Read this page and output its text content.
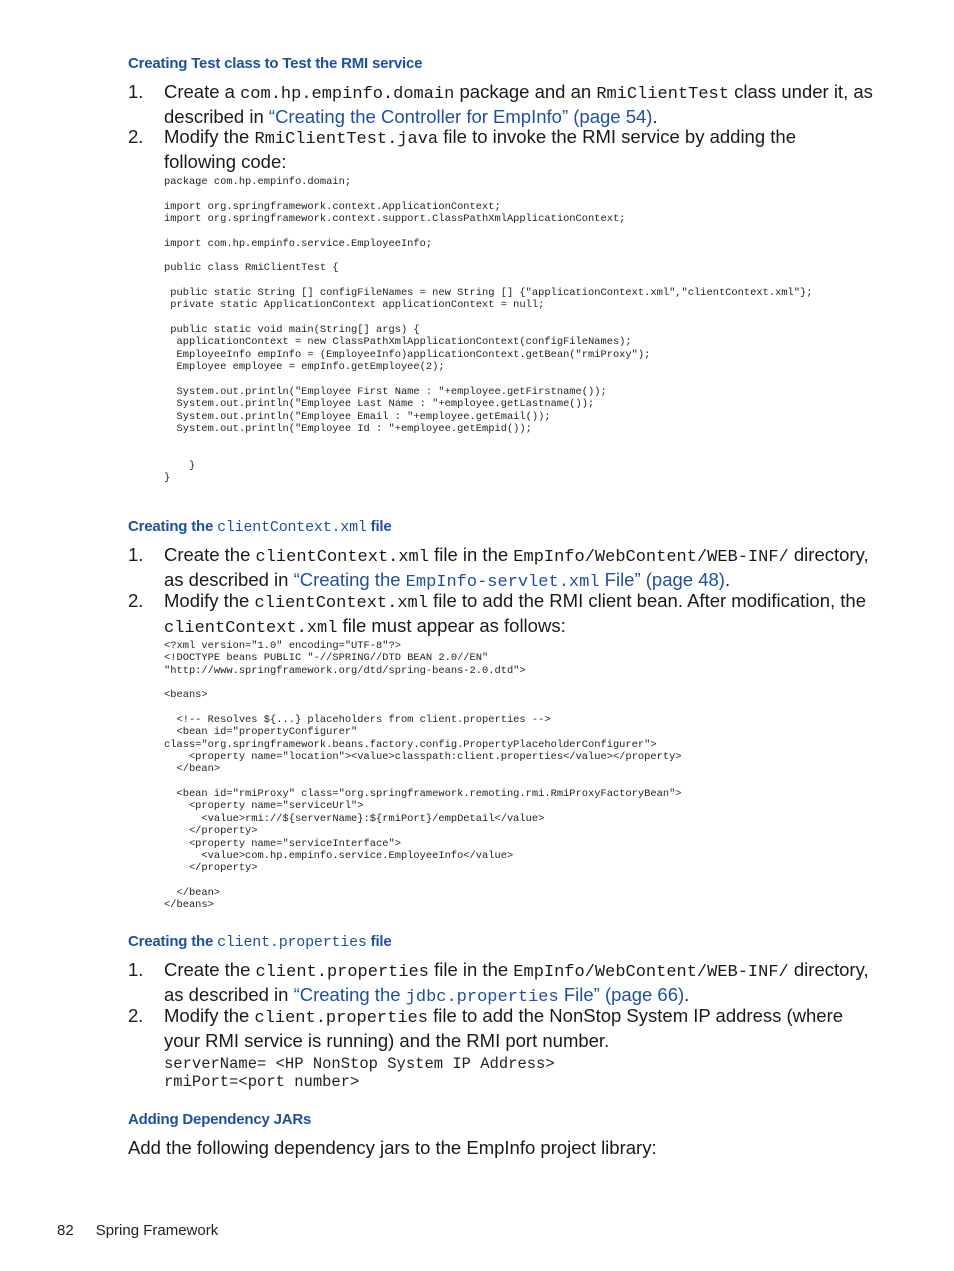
Creating Test class to Test the RMI service
1.	Create a com.hp.empinfo.domain package and an RmiClientTest class under it, as described in “Creating the Controller for EmpInfo” (page 54).
2.	Modify the RmiClientTest.java file to invoke the RMI service by adding the following code:
package com.hp.empinfo.domain;

import org.springframework.context.ApplicationContext;
import org.springframework.context.support.ClassPathXmlApplicationContext;

import com.hp.empinfo.service.EmployeeInfo;

public class RmiClientTest {

public static String [] configFileNames = new String [] {"applicationContext.xml","clientContext.xml"};
private static ApplicationContext applicationContext = null;

public static void main(String[] args) {
applicationContext = new ClassPathXmlApplicationContext(configFileNames);
EmployeeInfo empInfo = (EmployeeInfo)applicationContext.getBean("rmiProxy");
Employee employee = empInfo.getEmployee(2);

System.out.println("Employee First Name : "+employee.getFirstname());
System.out.println("Employee Last Name : "+employee.getLastname());
System.out.println("Employee Email : "+employee.getEmail());
System.out.println("Employee Id : "+employee.getEmpid());

}
}
Creating the clientContext.xml file
1.	Create the clientContext.xml file in the EmpInfo/WebContent/WEB-INF/ directory, as described in “Creating the EmpInfo-servlet.xml File” (page 48).
2.	Modify the clientContext.xml file to add the RMI client bean. After modification, the clientContext.xml file must appear as follows:
<?xml version="1.0" encoding="UTF-8"?>
<!DOCTYPE beans PUBLIC "-//SPRING//DTD BEAN 2.0//EN"
"http://www.springframework.org/dtd/spring-beans-2.0.dtd">

<beans>

<!-- Resolves ${...} placeholders from client.properties -->
<bean id="propertyConfigurer"
class="org.springframework.beans.factory.config.PropertyPlaceholderConfigurer">
<property name="location"><value>classpath:client.properties</value></property>
</bean>

<bean id="rmiProxy" class="org.springframework.remoting.rmi.RmiProxyFactoryBean">
<property name="serviceUrl">
<value>rmi://${serverName}:${rmiPort}/empDetail</value>
</property>
<property name="serviceInterface">
<value>com.hp.empinfo.service.EmployeeInfo</value>
</property>

</bean>
</beans>
Creating the client.properties file
1.	Create the client.properties file in the EmpInfo/WebContent/WEB-INF/ directory, as described in “Creating the jdbc.properties File” (page 66).
2.	Modify the client.properties file to add the NonStop System IP address (where your RMI service is running) and the RMI port number.
serverName= <HP NonStop System IP Address>
rmiPort=<port number>
Adding Dependency JARs
Add the following dependency jars to the EmpInfo project library:
82 Spring Framework
